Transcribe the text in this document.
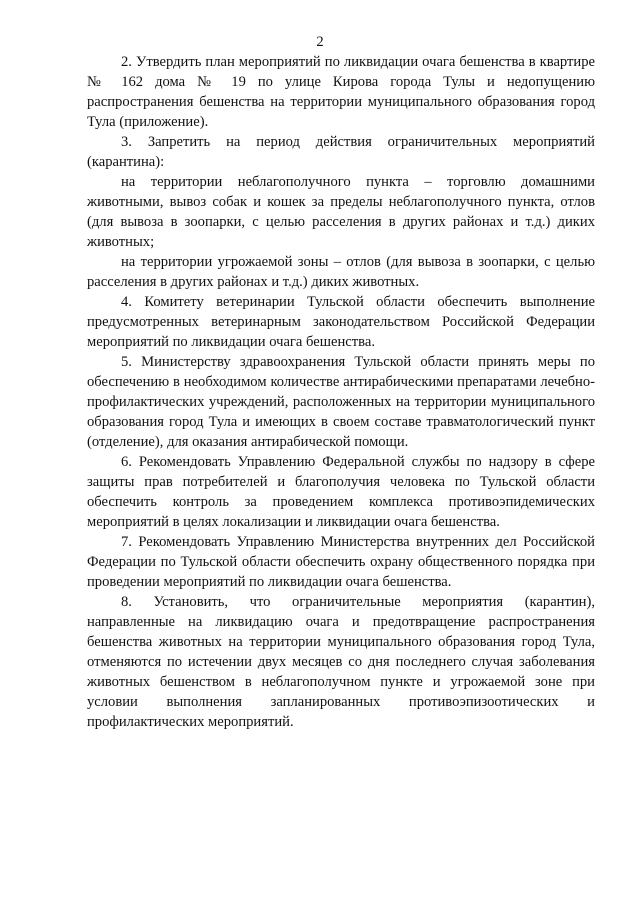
2

2. Утвердить план мероприятий по ликвидации очага бешенства в квартире № 162 дома № 19 по улице Кирова города Тулы и недопущению распространения бешенства на территории муниципального образования город Тула (приложение).

3. Запретить на период действия ограничительных мероприятий (карантина):

на территории неблагополучного пункта – торговлю домашними животными, вывоз собак и кошек за пределы неблагополучного пункта, отлов (для вывоза в зоопарки, с целью расселения в других районах и т.д.) диких животных;

на территории угрожаемой зоны – отлов (для вывоза в зоопарки, с целью расселения в других районах и т.д.) диких животных.

4. Комитету ветеринарии Тульской области обеспечить выполнение предусмотренных ветеринарным законодательством Российской Федерации мероприятий по ликвидации очага бешенства.

5. Министерству здравоохранения Тульской области принять меры по обеспечению в необходимом количестве антирабическими препаратами лечебно-профилактических учреждений, расположенных на территории муниципального образования город Тула и имеющих в своем составе травматологический пункт (отделение), для оказания антирабической помощи.

6. Рекомендовать Управлению Федеральной службы по надзору в сфере защиты прав потребителей и благополучия человека по Тульской области обеспечить контроль за проведением комплекса противоэпидемических мероприятий в целях локализации и ликвидации очага бешенства.

7. Рекомендовать Управлению Министерства внутренних дел Российской Федерации по Тульской области обеспечить охрану общественного порядка при проведении мероприятий по ликвидации очага бешенства.

8. Установить, что ограничительные мероприятия (карантин), направленные на ликвидацию очага и предотвращение распространения бешенства животных на территории муниципального образования город Тула, отменяются по истечении двух месяцев со дня последнего случая заболевания животных бешенством в неблагополучном пункте и угрожаемой зоне при условии выполнения запланированных противоэпизоотических и профилактических мероприятий.
